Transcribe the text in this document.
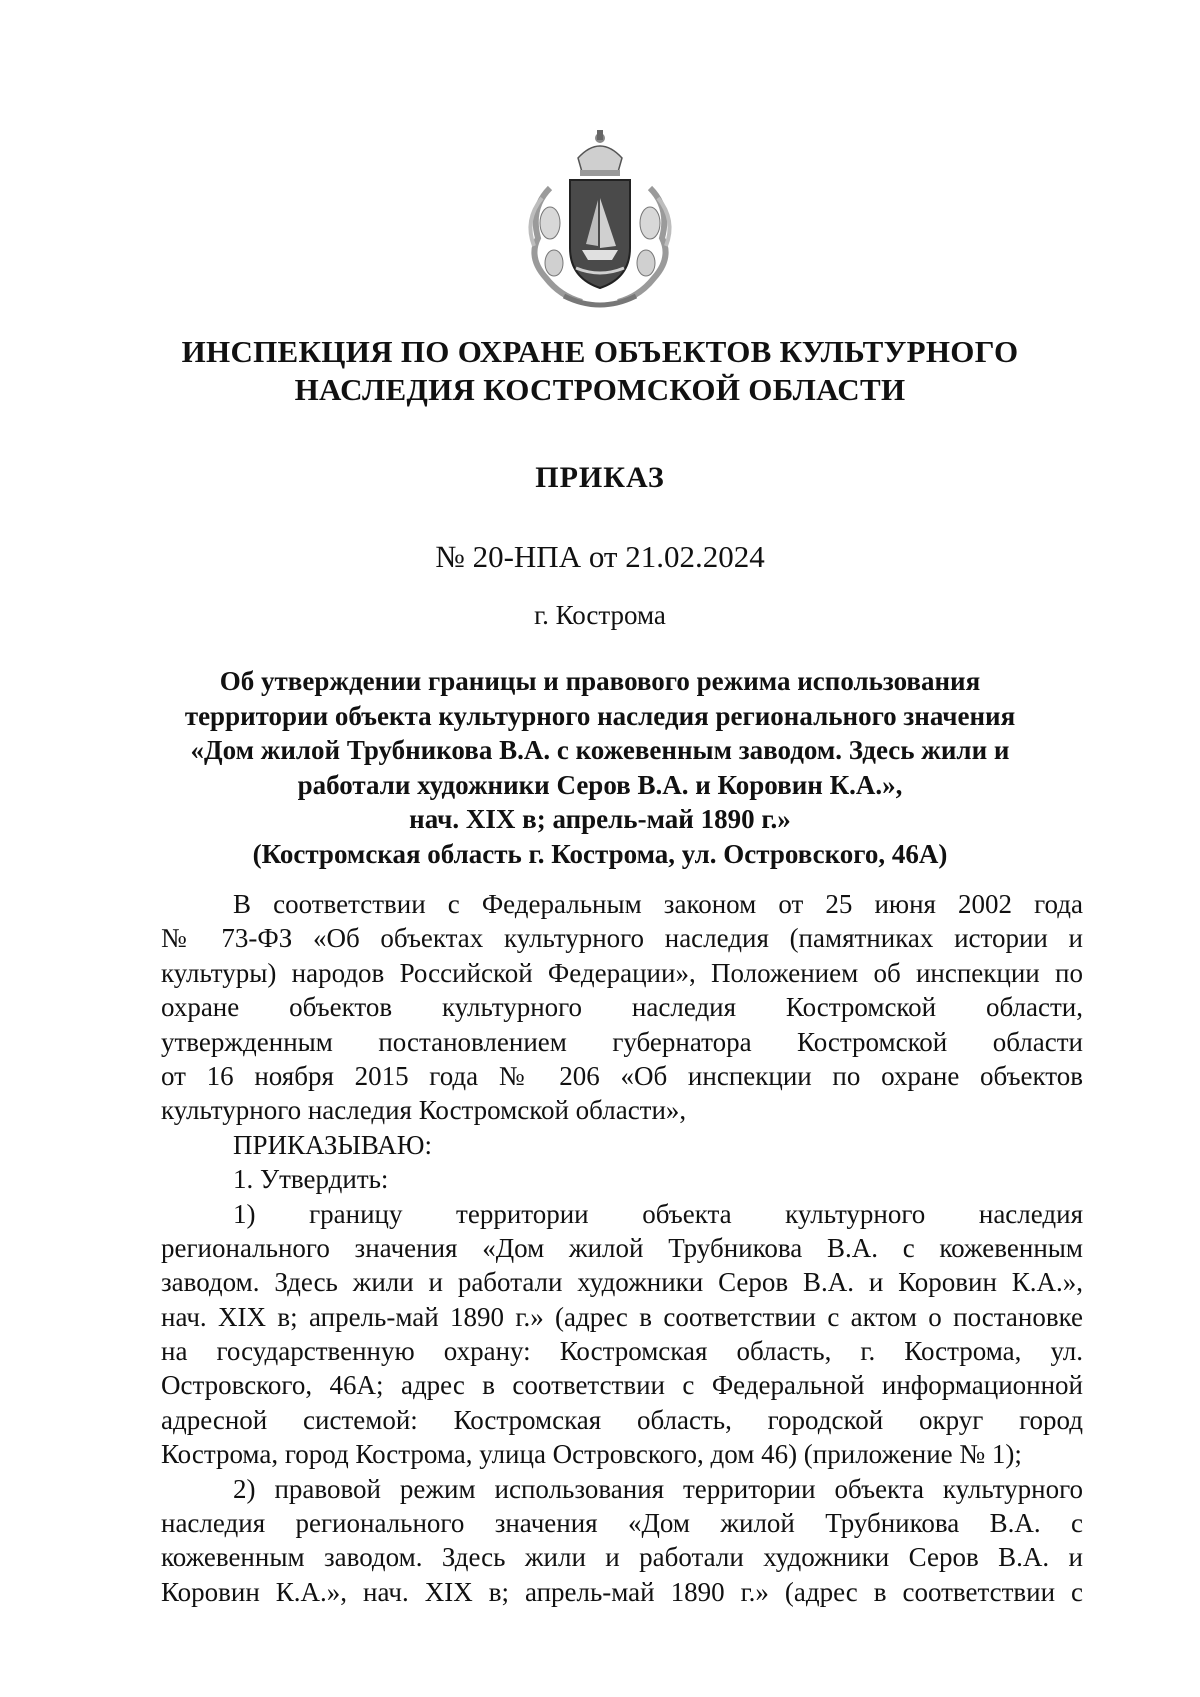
ИНСПЕКЦИЯ ПО ОХРАНЕ ОБЪЕКТОВ КУЛЬТУРНОГО
НАСЛЕДИЯ КОСТРОМСКОЙ ОБЛАСТИ
ПРИКАЗ
№ 20-НПА от 21.02.2024
г. Кострома
Об утверждении границы и правового режима использования
территории объекта культурного наследия регионального значения
«Дом жилой Трубникова В.А. с кожевенным заводом. Здесь жили и
работали художники Серов В.А. и Коровин К.А.»,
нач. XIX в; апрель-май 1890 г.»
(Костромская область г. Кострома, ул. Островского, 46А)
В соответствии с Федеральным законом от 25 июня 2002 года
№ 73-ФЗ «Об объектах культурного наследия (памятниках истории и
культуры) народов Российской Федерации», Положением об инспекции по
охране объектов культурного наследия Костромской области,
утвержденным постановлением губернатора Костромской области
от 16 ноября 2015 года № 206 «Об инспекции по охране объектов
культурного наследия Костромской области»,
ПРИКАЗЫВАЮ:
1. Утвердить:
1) границу территории объекта культурного наследия
регионального значения «Дом жилой Трубникова В.А. с кожевенным
заводом. Здесь жили и работали художники Серов В.А. и Коровин К.А.»,
нач. XIX в; апрель-май 1890 г.» (адрес в соответствии с актом о постановке
на государственную охрану: Костромская область, г. Кострома, ул.
Островского, 46А; адрес в соответствии с Федеральной информационной
адресной системой: Костромская область, городской округ город
Кострома, город Кострома, улица Островского, дом 46) (приложение № 1);
2) правовой режим использования территории объекта культурного
наследия регионального значения «Дом жилой Трубникова В.А. с
кожевенным заводом. Здесь жили и работали художники Серов В.А. и
Коровин К.А.», нач. XIX в; апрель-май 1890 г.» (адрес в соответствии с
